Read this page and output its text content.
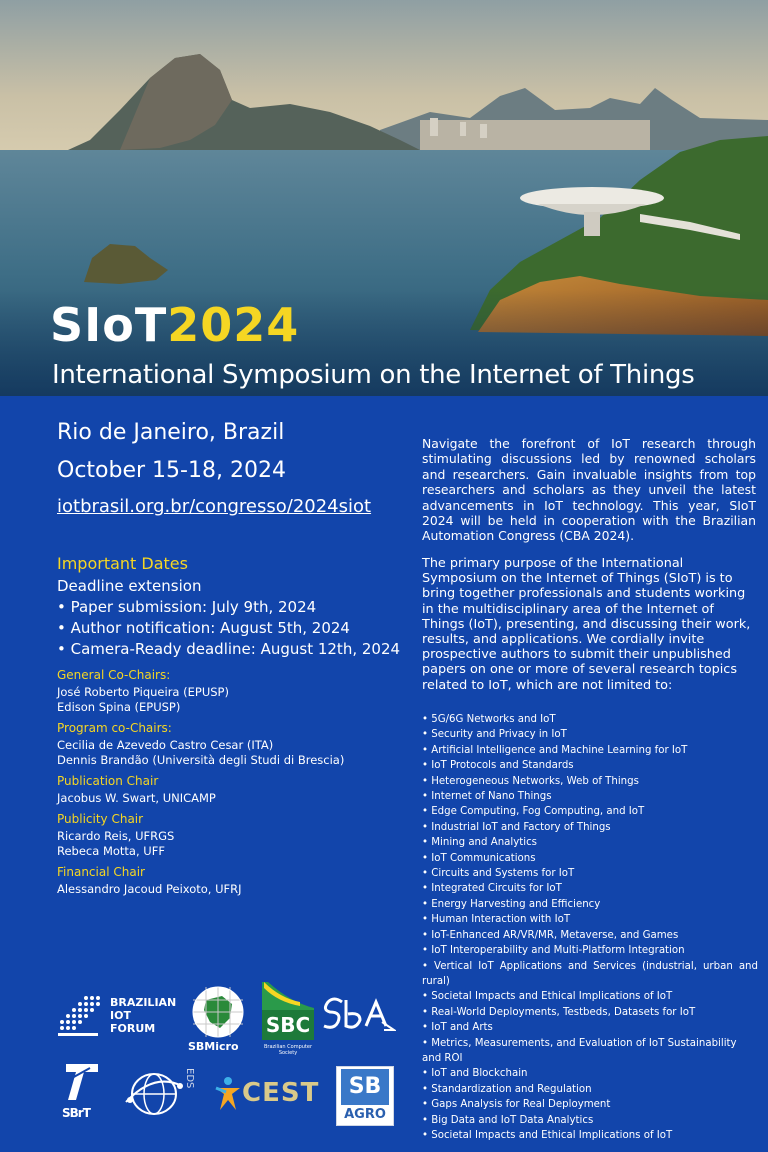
SIoT2024
International Symposium on the Internet of Things
Rio de Janeiro, Brazil
October 15-18, 2024
iotbrasil.org.br/congresso/2024siot
Important Dates
Deadline extension
• Paper submission: July 9th, 2024
• Author notification: August 5th, 2024
• Camera-Ready deadline: August 12th, 2024
General Co-Chairs:
José Roberto Piqueira (EPUSP)
Edison Spina (EPUSP)
Program co-Chairs:
Cecilia de Azevedo Castro Cesar (ITA)
Dennis Brandão (Università degli Studi di Brescia)
Publication Chair
Jacobus W. Swart, UNICAMP
Publicity Chair
Ricardo Reis, UFRGS
Rebeca Motta, UFF
Financial Chair
Alessandro Jacoud Peixoto, UFRJ
Navigate the forefront of IoT research through stimulating discussions led by renowned scholars and researchers. Gain invaluable insights from top researchers and scholars as they unveil the latest advancements in IoT technology. This year, SIoT 2024 will be held in cooperation with the Brazilian Automation Congress (CBA 2024).
The primary purpose of the International Symposium on the Internet of Things (SIoT) is to bring together professionals and students working in the multidisciplinary area of the Internet of Things (IoT), presenting, and discussing their work, results, and applications. We cordially invite prospective authors to submit their unpublished papers on one or more of several research topics related to IoT, which are not limited to:
• 5G/6G Networks and IoT
• Security and Privacy in IoT
• Artificial Intelligence and Machine Learning for IoT
• IoT Protocols and Standards
• Heterogeneous Networks, Web of Things
• Internet of Nano Things
• Edge Computing, Fog Computing, and IoT
• Industrial IoT and Factory of Things
• Mining and Analytics
• IoT Communications
• Circuits and Systems for IoT
• Integrated Circuits for IoT
• Energy Harvesting and Efficiency
• Human Interaction with IoT
• IoT-Enhanced AR/VR/MR, Metaverse, and Games
• IoT Interoperability and Multi-Platform Integration
• Vertical IoT Applications and Services (industrial, urban and rural)
• Societal Impacts and Ethical Implications of IoT
• Real-World Deployments, Testbeds, Datasets for IoT
• IoT and Arts
• Metrics, Measurements, and Evaluation of IoT Sustainability and ROI
• IoT and Blockchain
• Standardization and Regulation
• Gaps Analysis for Real Deployment
• Big Data and IoT Data Analytics
• Societal Impacts and Ethical Implications of IoT
BRAZILIAN
IOT
FORUM
SBMicro
SBC
Brazilian Computer Society
SBrT
EDS CEST	SB
AGRO
